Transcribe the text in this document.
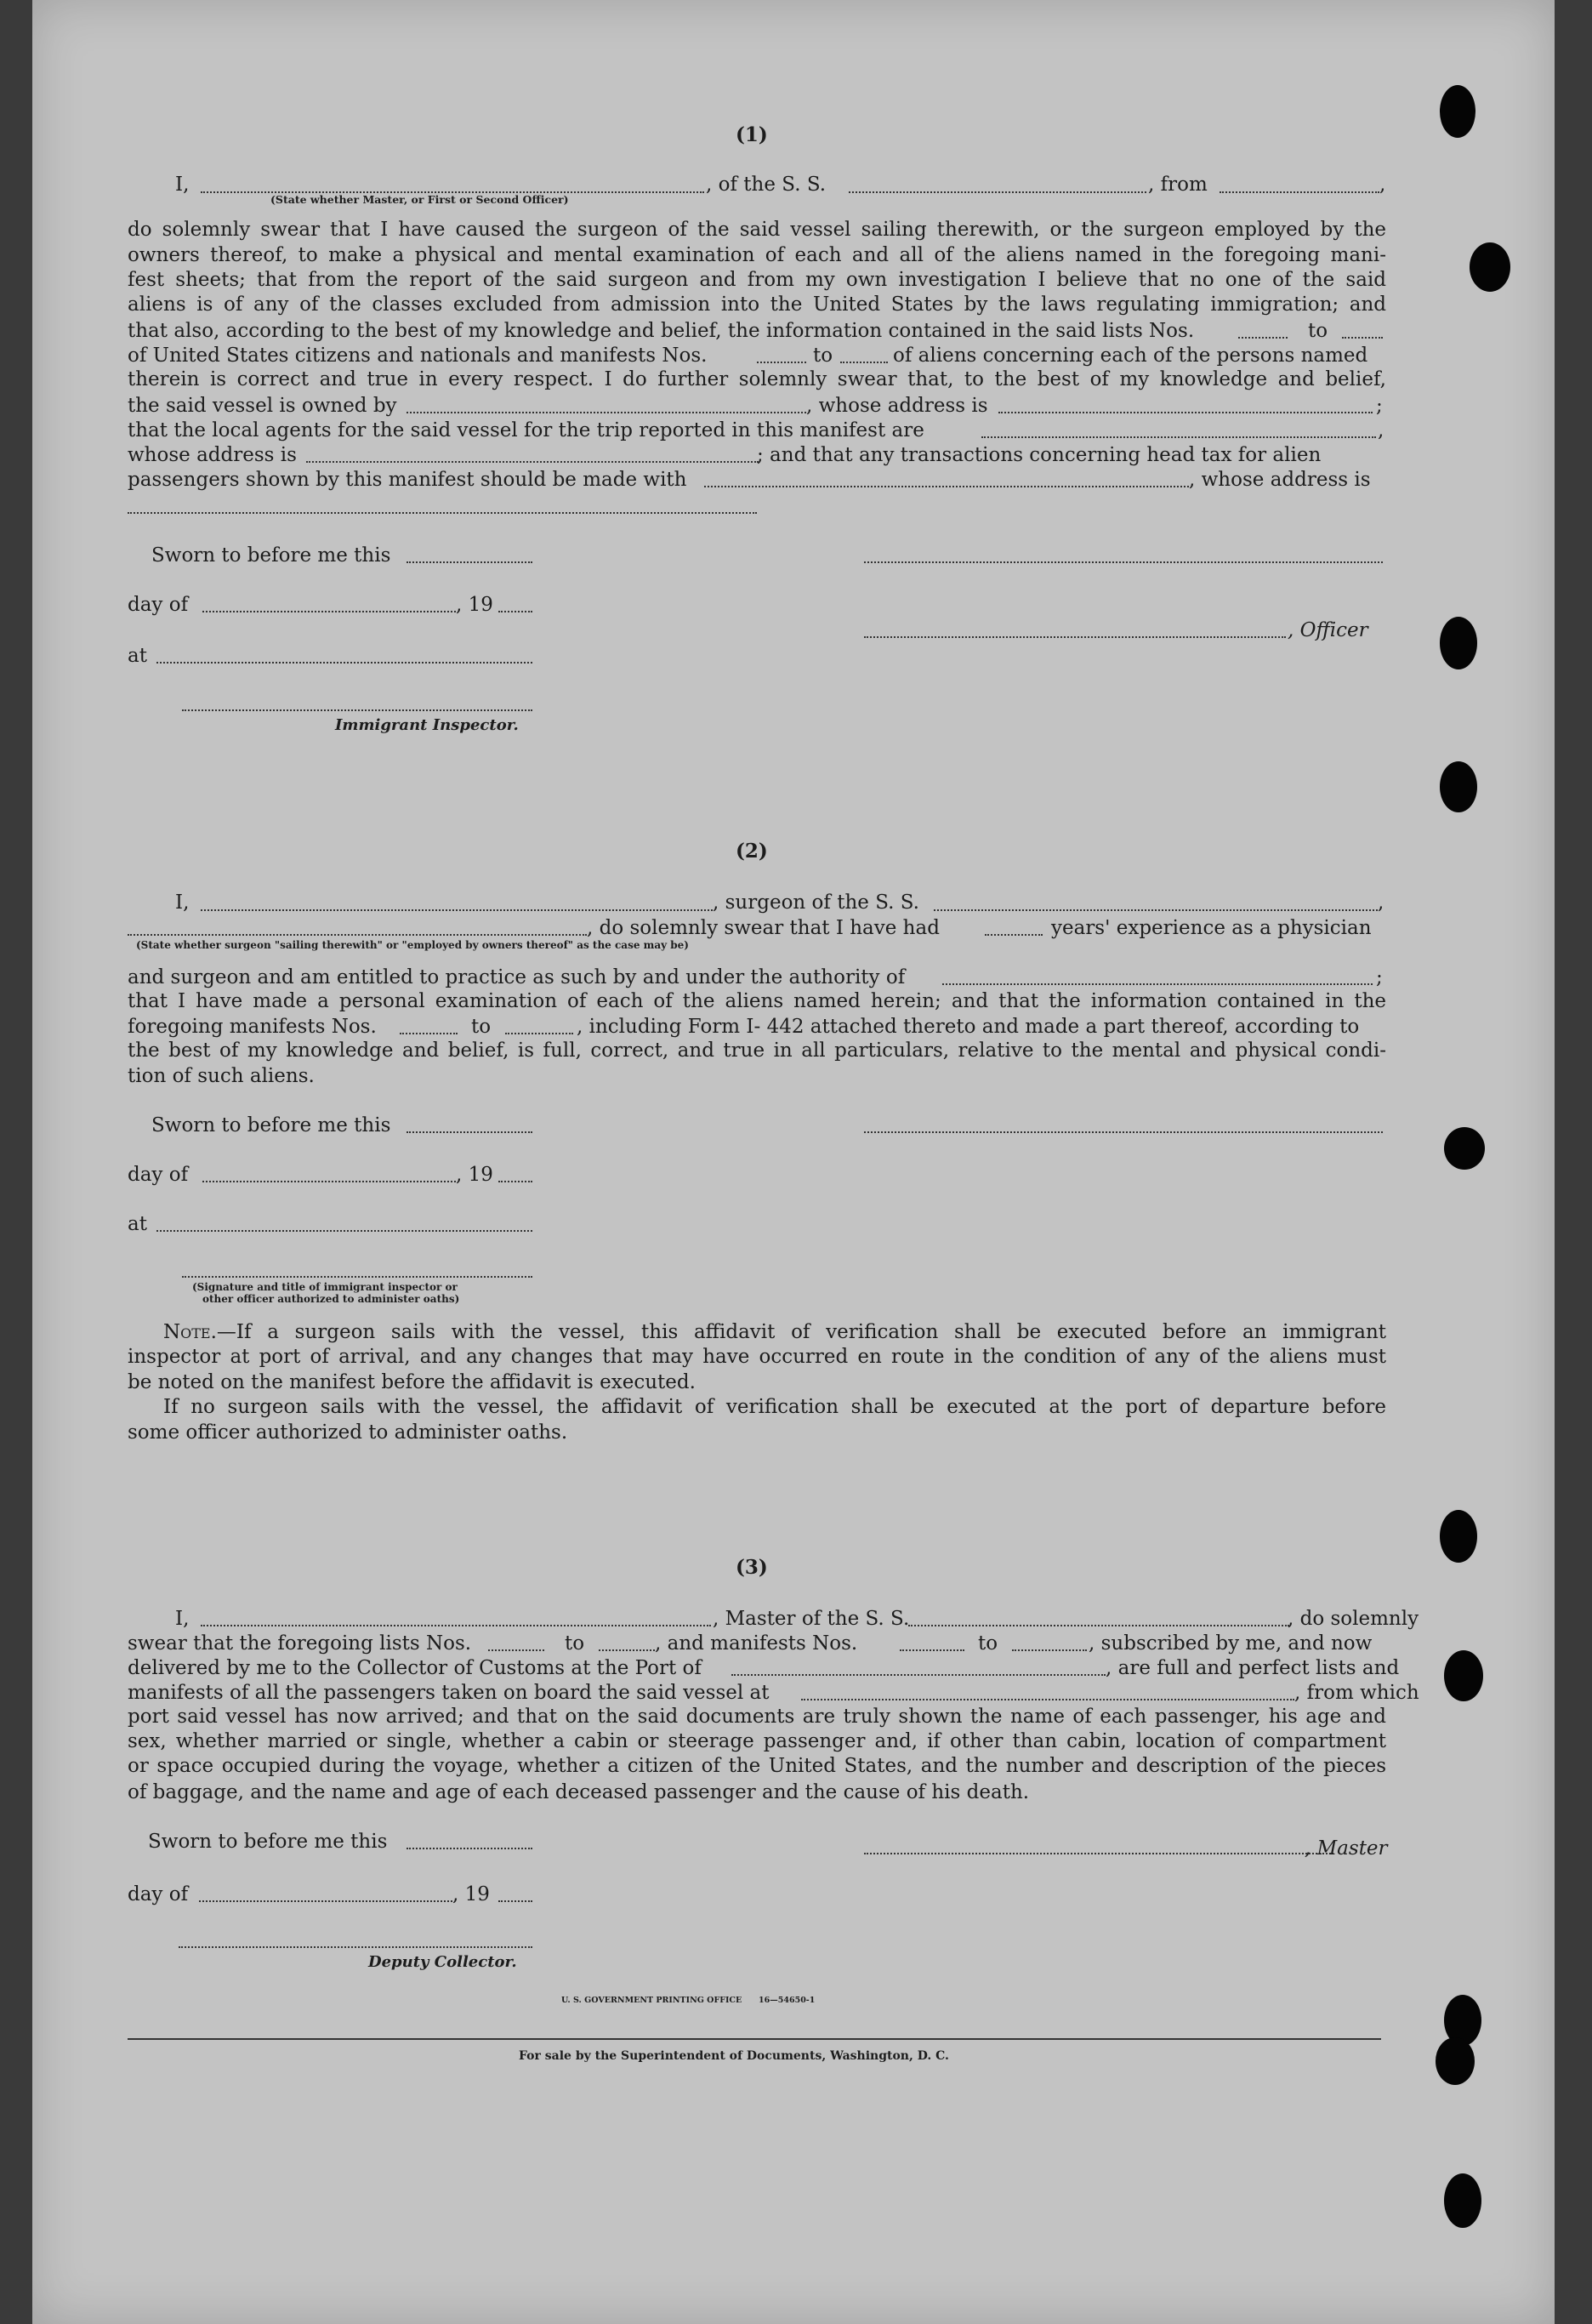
(1)
I,	, of the S. S.	, from	,
(State whether Master, or First or Second Officer)
do solemnly swear that I have caused the surgeon of the said vessel sailing therewith, or the surgeon employed by the
owners thereof, to make a physical and mental examination of each and all of the aliens named in the foregoing mani-
fest sheets; that from the report of the said surgeon and from my own investigation I believe that no one of the said
aliens is of any of the classes excluded from admission into the United States by the laws regulating immigration; and
that also, according to the best of my knowledge and belief, the information contained in the said lists Nos.	to
of United States citizens and nationals and manifests Nos.	to	of aliens concerning each of the persons named
therein is correct and true in every respect. I do further solemnly swear that, to the best of my knowledge and belief,
the said vessel is owned by	, whose address is	;
that the local agents for the said vessel for the trip reported in this manifest are	,
whose address is	; and that any transactions concerning head tax for alien
passengers shown by this manifest should be made with	, whose address is
Sworn to before me this
day of	, 19
, Officer
at
Immigrant Inspector.
(2)
I,	, surgeon of the S. S.	,
, do solemnly swear that I have had	years' experience as a physician
(State whether surgeon "sailing therewith" or "employed by owners thereof" as the case may be)
and surgeon and am entitled to practice as such by and under the authority of	;
that I have made a personal examination of each of the aliens named herein; and that the information contained in the
foregoing manifests Nos.	to	, including Form I- 442 attached thereto and made a part thereof, according to
the best of my knowledge and belief, is full, correct, and true in all particulars, relative to the mental and physical condi-
tion of such aliens.
Sworn to before me this
day of	, 19
at
(Signature and title of immigrant inspector or
other officer authorized to administer oaths)
Note.—If a surgeon sails with the vessel, this affidavit of verification shall be executed before an immigrant
inspector at port of arrival, and any changes that may have occurred en route in the condition of any of the aliens must
be noted on the manifest before the affidavit is executed.
If no surgeon sails with the vessel, the affidavit of verification shall be executed at the port of departure before
some officer authorized to administer oaths.
(3)
I,	, Master of the S. S.	, do solemnly
swear that the foregoing lists Nos.	to	, and manifests Nos.	to	, subscribed by me, and now
delivered by me to the Collector of Customs at the Port of	, are full and perfect lists and
manifests of all the passengers taken on board the said vessel at	, from which
port said vessel has now arrived; and that on the said documents are truly shown the name of each passenger, his age and
sex, whether married or single, whether a cabin or steerage passenger and, if other than cabin, location of compartment
or space occupied during the voyage, whether a citizen of the United States, and the number and description of the pieces
of baggage, and the name and age of each deceased passenger and the cause of his death.
Sworn to before me this	, Master
day of	, 19
Deputy Collector.
U. S. GOVERNMENT PRINTING OFFICE      16—54650-1
For sale by the Superintendent of Documents, Washington, D. C.
